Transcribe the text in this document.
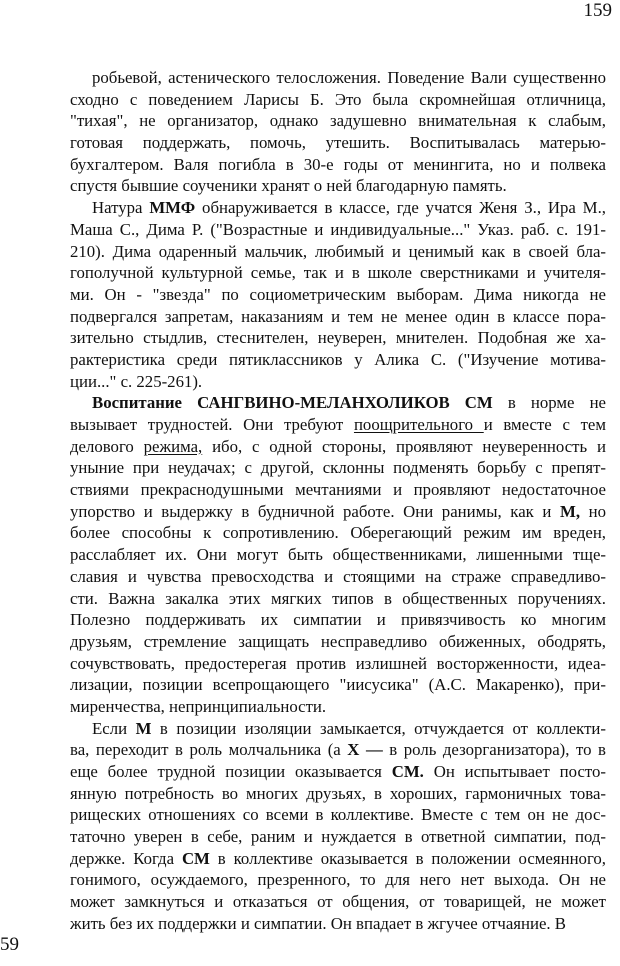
159
робьевой, астенического телосложения. Поведение Вали существенно
сходно с поведением Ларисы Б. Это была скромнейшая отличница,
"тихая", не организатор, однако задушевно внимательная к слабым,
готовая поддержать, помочь, утешить. Воспитывалась матерью-
бухгалтером. Валя погибла в 30-е годы от менингита, но и полвека
спустя бывшие соученики хранят о ней благодарную память.
Натура ММФ обнаруживается в классе, где учатся Женя З., Ира М.,
Маша С., Дима Р. ("Возрастные и индивидуальные..." Указ. раб. с. 191-
210). Дима одаренный мальчик, любимый и ценимый как в своей бла-
гополучной культурной семье, так и в школе сверстниками и учителя-
ми. Он - "звезда" по социометрическим выборам. Дима никогда не
подвергался запретам, наказаниям и тем не менее один в классе пора-
зительно стыдлив, стеснителен, неуверен, мнителен. Подобная же ха-
рактеристика среди пятиклассников у Алика С. ("Изучение мотива-
ции..." с. 225-261).
Воспитание САНГВИНО-МЕЛАНХОЛИКОВ СМ в норме не
вызывает трудностей. Они требуют поощрительного и вместе с тем
делового режима, ибо, с одной стороны, проявляют неуверенность и
уныние при неудачах; с другой, склонны подменять борьбу с препят-
ствиями прекраснодушными мечтаниями и проявляют недостаточное
упорство и выдержку в будничной работе. Они ранимы, как и М, но
более способны к сопротивлению. Оберегающий режим им вреден,
расслабляет их. Они могут быть общественниками, лишенными тще-
славия и чувства превосходства и стоящими на страже справедливо-
сти. Важна закалка этих мягких типов в общественных поручениях.
Полезно поддерживать их симпатии и привязчивость ко многим
друзьям, стремление защищать несправедливо обиженных, ободрять,
сочувствовать, предостерегая против излишней восторженности, идеа-
лизации, позиции всепрощающего "иисусика" (А.С. Макаренко), при-
миренчества, непринципиальности.
Если М в позиции изоляции замыкается, отчуждается от коллекти-
ва, переходит в роль молчальника (а Х — в роль дезорганизатора), то в
еще более трудной позиции оказывается СМ. Он испытывает посто-
янную потребность во многих друзьях, в хороших, гармоничных това-
рищеских отношениях со всеми в коллективе. Вместе с тем он не дос-
таточно уверен в себе, раним и нуждается в ответной симпатии, под-
держке. Когда СМ в коллективе оказывается в положении осмеянного,
гонимого, осуждаемого, презренного, то для него нет выхода. Он не
может замкнуться и отказаться от общения, от товарищей, не может
жить без их поддержки и симпатии. Он впадает в жгучее отчаяние. В
59
